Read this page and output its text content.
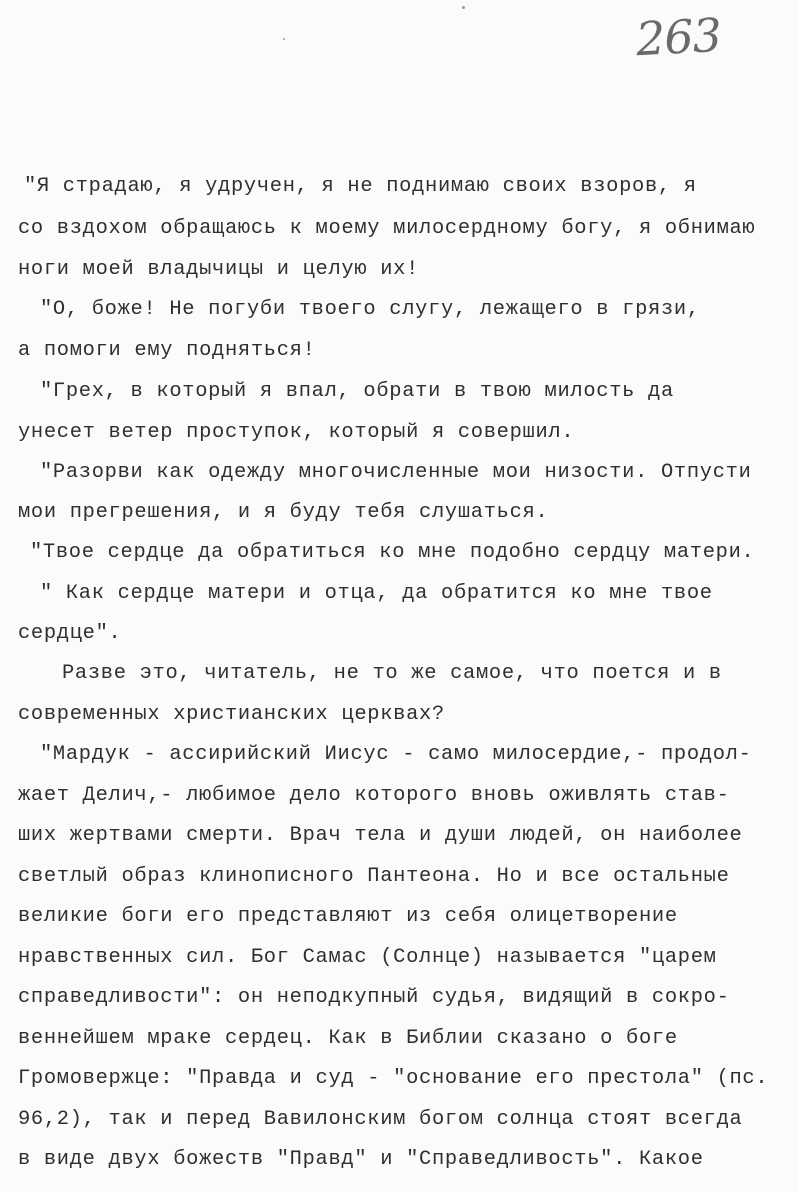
263
"Я страдаю, я удручен, я не поднимаю своих взоров, я
со вздохом обращаюсь к моему милосердному богу, я обнимаю
ноги моей владычицы и целую их!
"О, боже! Не погуби твоего слугу, лежащего в грязи,
а помоги ему подняться!
"Грех, в который я впал, обрати в твою милость да
унесет ветер проступок, который я совершил.
"Разорви как одежду многочисленные мои низости. Отпусти
мои прегрешения, и я буду тебя слушаться.
"Твое сердце да обратиться ко мне подобно сердцу матери.
" Как сердце матери и отца, да обратится ко мне твое
сердце".
Разве это, читатель, не то же самое, что поется и в
современных христианских церквах?
"Мардук - ассирийский Иисус - само милосердие,- продол-
жает Делич,- любимое дело которого вновь оживлять став-
ших жертвами смерти. Врач тела и души людей, он наиболее
светлый образ клинописного Пантеона. Но и все остальные
великие боги его представляют из себя олицетворение
нравственных сил. Бог Самас (Солнце) называется "царем
справедливости": он неподкупный судья, видящий в сокро-
веннейшем мраке сердец. Как в Библии сказано о боге
Громовержце: "Правда и суд - "основание его престола" (пс.
96,2), так и перед Вавилонским богом солнца стоят всегда
в виде двух божеств "Правд" и "Справедливость". Какое
